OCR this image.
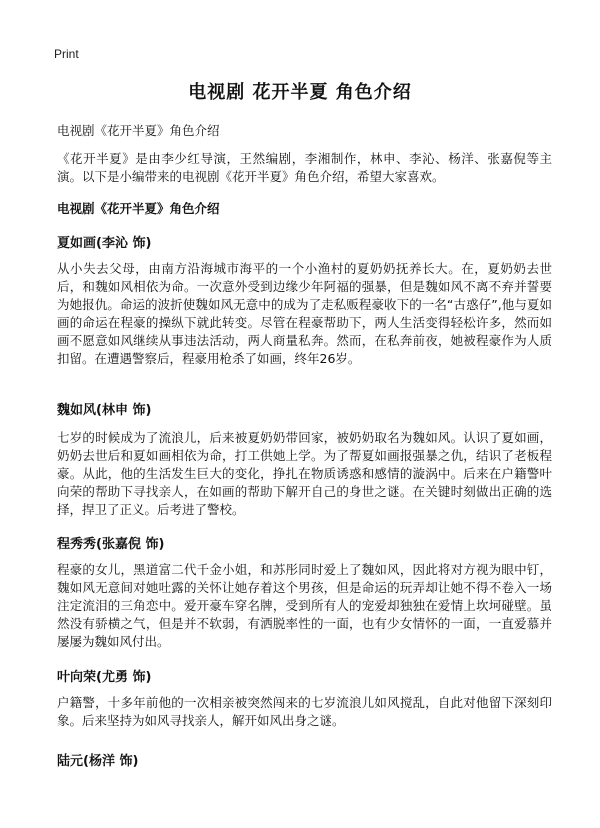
Print
电视剧 花开半夏 角色介绍
电视剧《花开半夏》角色介绍

《花开半夏》是由李少红导演，王然编剧，李湘制作，林申、李沁、杨洋、张嘉倪等主演。以下是小编带来的电视剧《花开半夏》角色介绍，希望大家喜欢。

电视剧《花开半夏》角色介绍
夏如画(李沁 饰)

从小失去父母，由南方沿海城市海平的一个小渔村的夏奶奶抚养长大。在，夏奶奶去世后，和魏如风相依为命。一次意外受到边缘少年阿福的强暴，但是魏如风不离不弃并誓要为她报仇。命运的波折使魏如风无意中的成为了走私贩程豪收下的一名“古惑仔”,他与夏如画的命运在程豪的操纵下就此转变。尽管在程豪帮助下，两人生活变得轻松许多，然而如画不愿意如风继续从事违法活动，两人商量私奔。然而，在私奔前夜，她被程豪作为人质扣留。在遭遇警察后，程豪用枪杀了如画，终年26岁。

魏如风(林申 饰)

七岁的时候成为了流浪儿，后来被夏奶奶带回家，被奶奶取名为魏如风。认识了夏如画，奶奶去世后和夏如画相依为命，打工供她上学。为了帮夏如画报强暴之仇，结识了老板程豪。从此，他的生活发生巨大的变化，挣扎在物质诱惑和感情的漩涡中。后来在户籍警叶向荣的帮助下寻找亲人，在如画的帮助下解开自己的身世之谜。在关键时刻做出正确的选择，捍卫了正义。后考进了警校。

程秀秀(张嘉倪 饰)

程豪的女儿，黑道富二代千金小姐，和苏彤同时爱上了魏如风，因此将对方视为眼中钉，魏如风无意间对她吐露的关怀让她存着这个男孩，但是命运的玩弄却让她不得不卷入一场注定流泪的三角恋中。爱开豪车穿名牌，受到所有人的宠爱却独独在爱情上坎坷碰壁。虽然没有骄横之气，但是并不软弱，有洒脱率性的一面，也有少女情怀的一面，一直爱慕并屡屡为魏如风付出。

叶向荣(尤勇 饰)

户籍警，十多年前他的一次相亲被突然闯来的七岁流浪儿如风搅乱，自此对他留下深刻印象。后来坚持为如风寻找亲人，解开如风出身之谜。

陆元(杨洋 饰)
